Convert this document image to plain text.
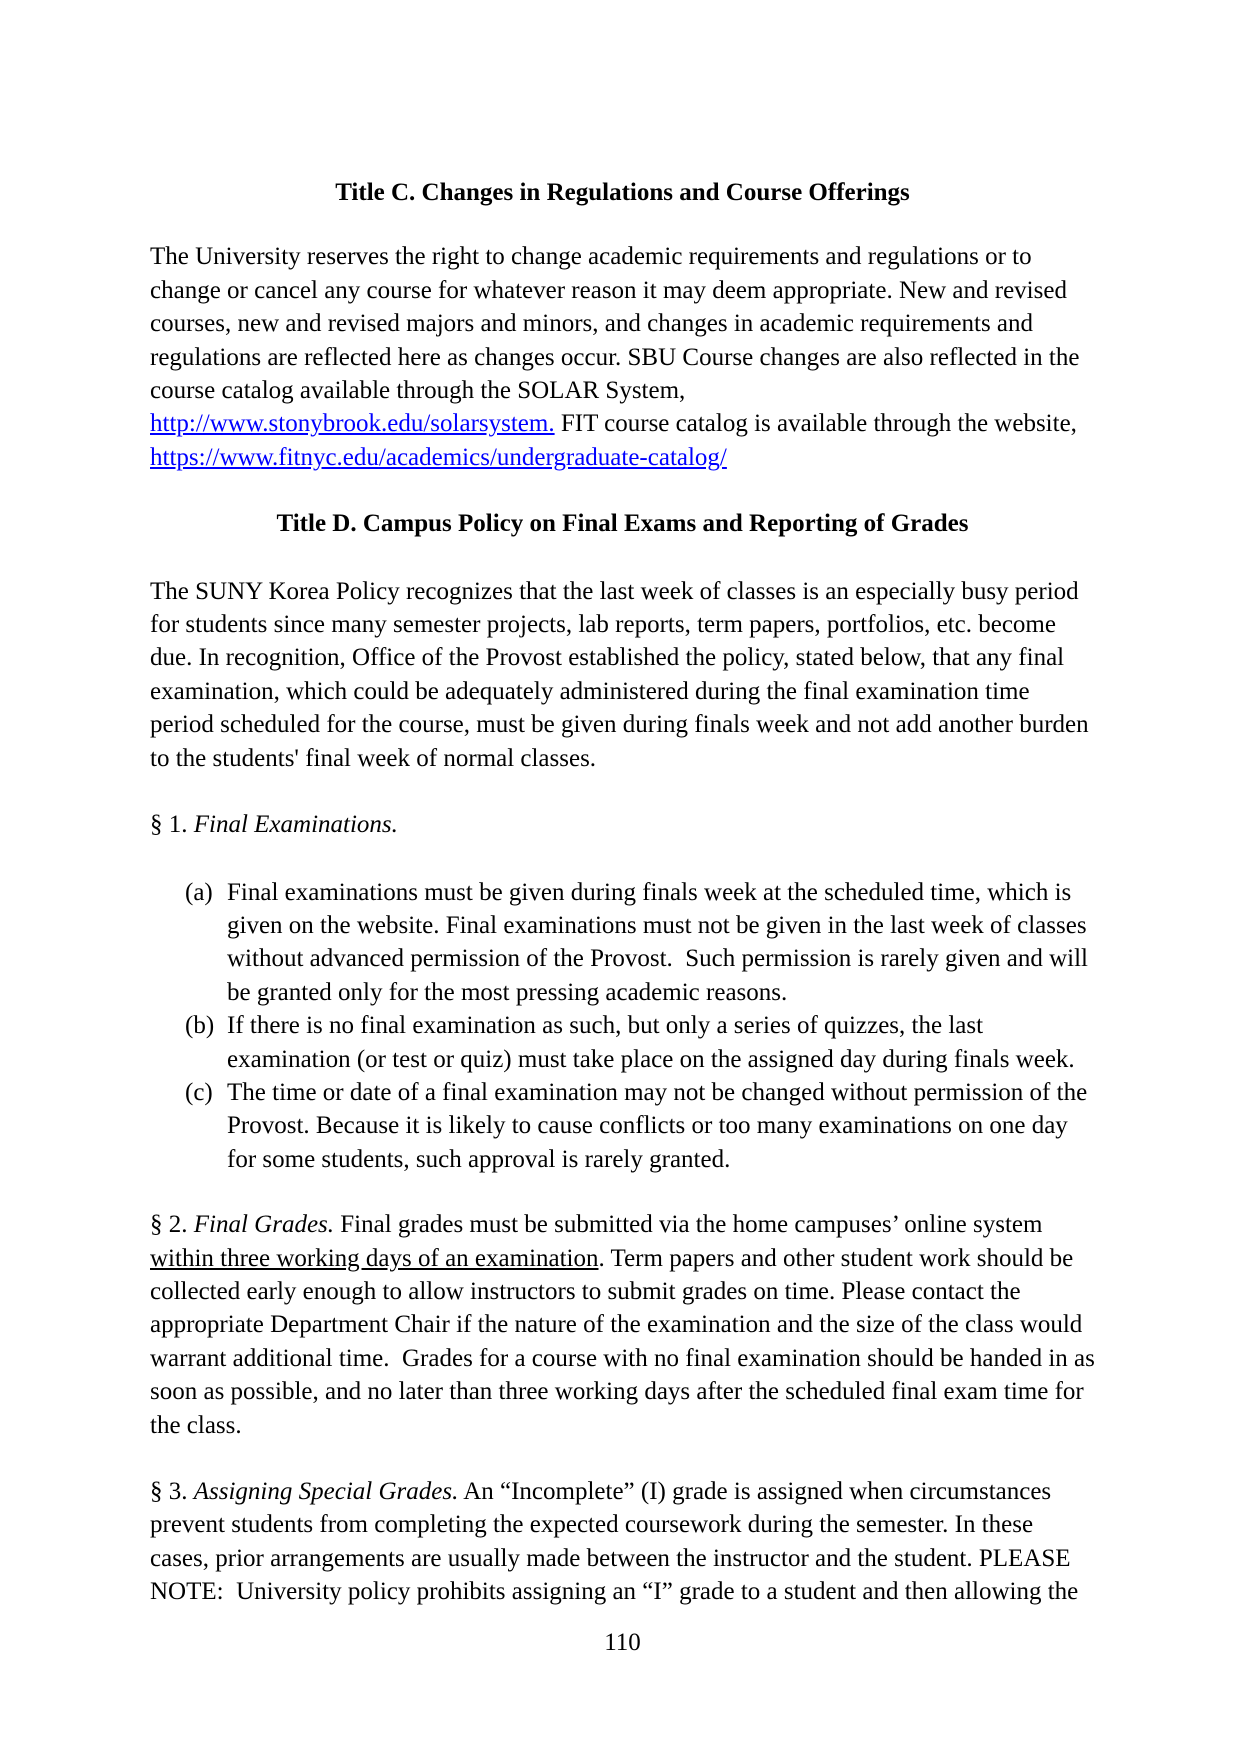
Title C. Changes in Regulations and Course Offerings

The University reserves the right to change academic requirements and regulations or to change or cancel any course for whatever reason it may deem appropriate. New and revised courses, new and revised majors and minors, and changes in academic requirements and regulations are reflected here as changes occur. SBU Course changes are also reflected in the course catalog available through the SOLAR System,
http://www.stonybrook.edu/solarsystem. FIT course catalog is available through the website,
https://www.fitnyc.edu/academics/undergraduate-catalog/

Title D. Campus Policy on Final Exams and Reporting of Grades

The SUNY Korea Policy recognizes that the last week of classes is an especially busy period for students since many semester projects, lab reports, term papers, portfolios, etc. become due. In recognition, Office of the Provost established the policy, stated below, that any final examination, which could be adequately administered during the final examination time period scheduled for the course, must be given during finals week and not add another burden to the students' final week of normal classes.

§ 1. Final Examinations.

(a) Final examinations must be given during finals week at the scheduled time, which is given on the website. Final examinations must not be given in the last week of classes without advanced permission of the Provost.  Such permission is rarely given and will be granted only for the most pressing academic reasons.
(b) If there is no final examination as such, but only a series of quizzes, the last examination (or test or quiz) must take place on the assigned day during finals week.
(c) The time or date of a final examination may not be changed without permission of the Provost. Because it is likely to cause conflicts or too many examinations on one day for some students, such approval is rarely granted.

§ 2. Final Grades. Final grades must be submitted via the home campuses’ online system within three working days of an examination. Term papers and other student work should be collected early enough to allow instructors to submit grades on time. Please contact the appropriate Department Chair if the nature of the examination and the size of the class would warrant additional time.  Grades for a course with no final examination should be handed in as soon as possible, and no later than three working days after the scheduled final exam time for the class.

§ 3. Assigning Special Grades. An “Incomplete” (I) grade is assigned when circumstances prevent students from completing the expected coursework during the semester. In these cases, prior arrangements are usually made between the instructor and the student. PLEASE NOTE:  University policy prohibits assigning an “I” grade to a student and then allowing the

110
